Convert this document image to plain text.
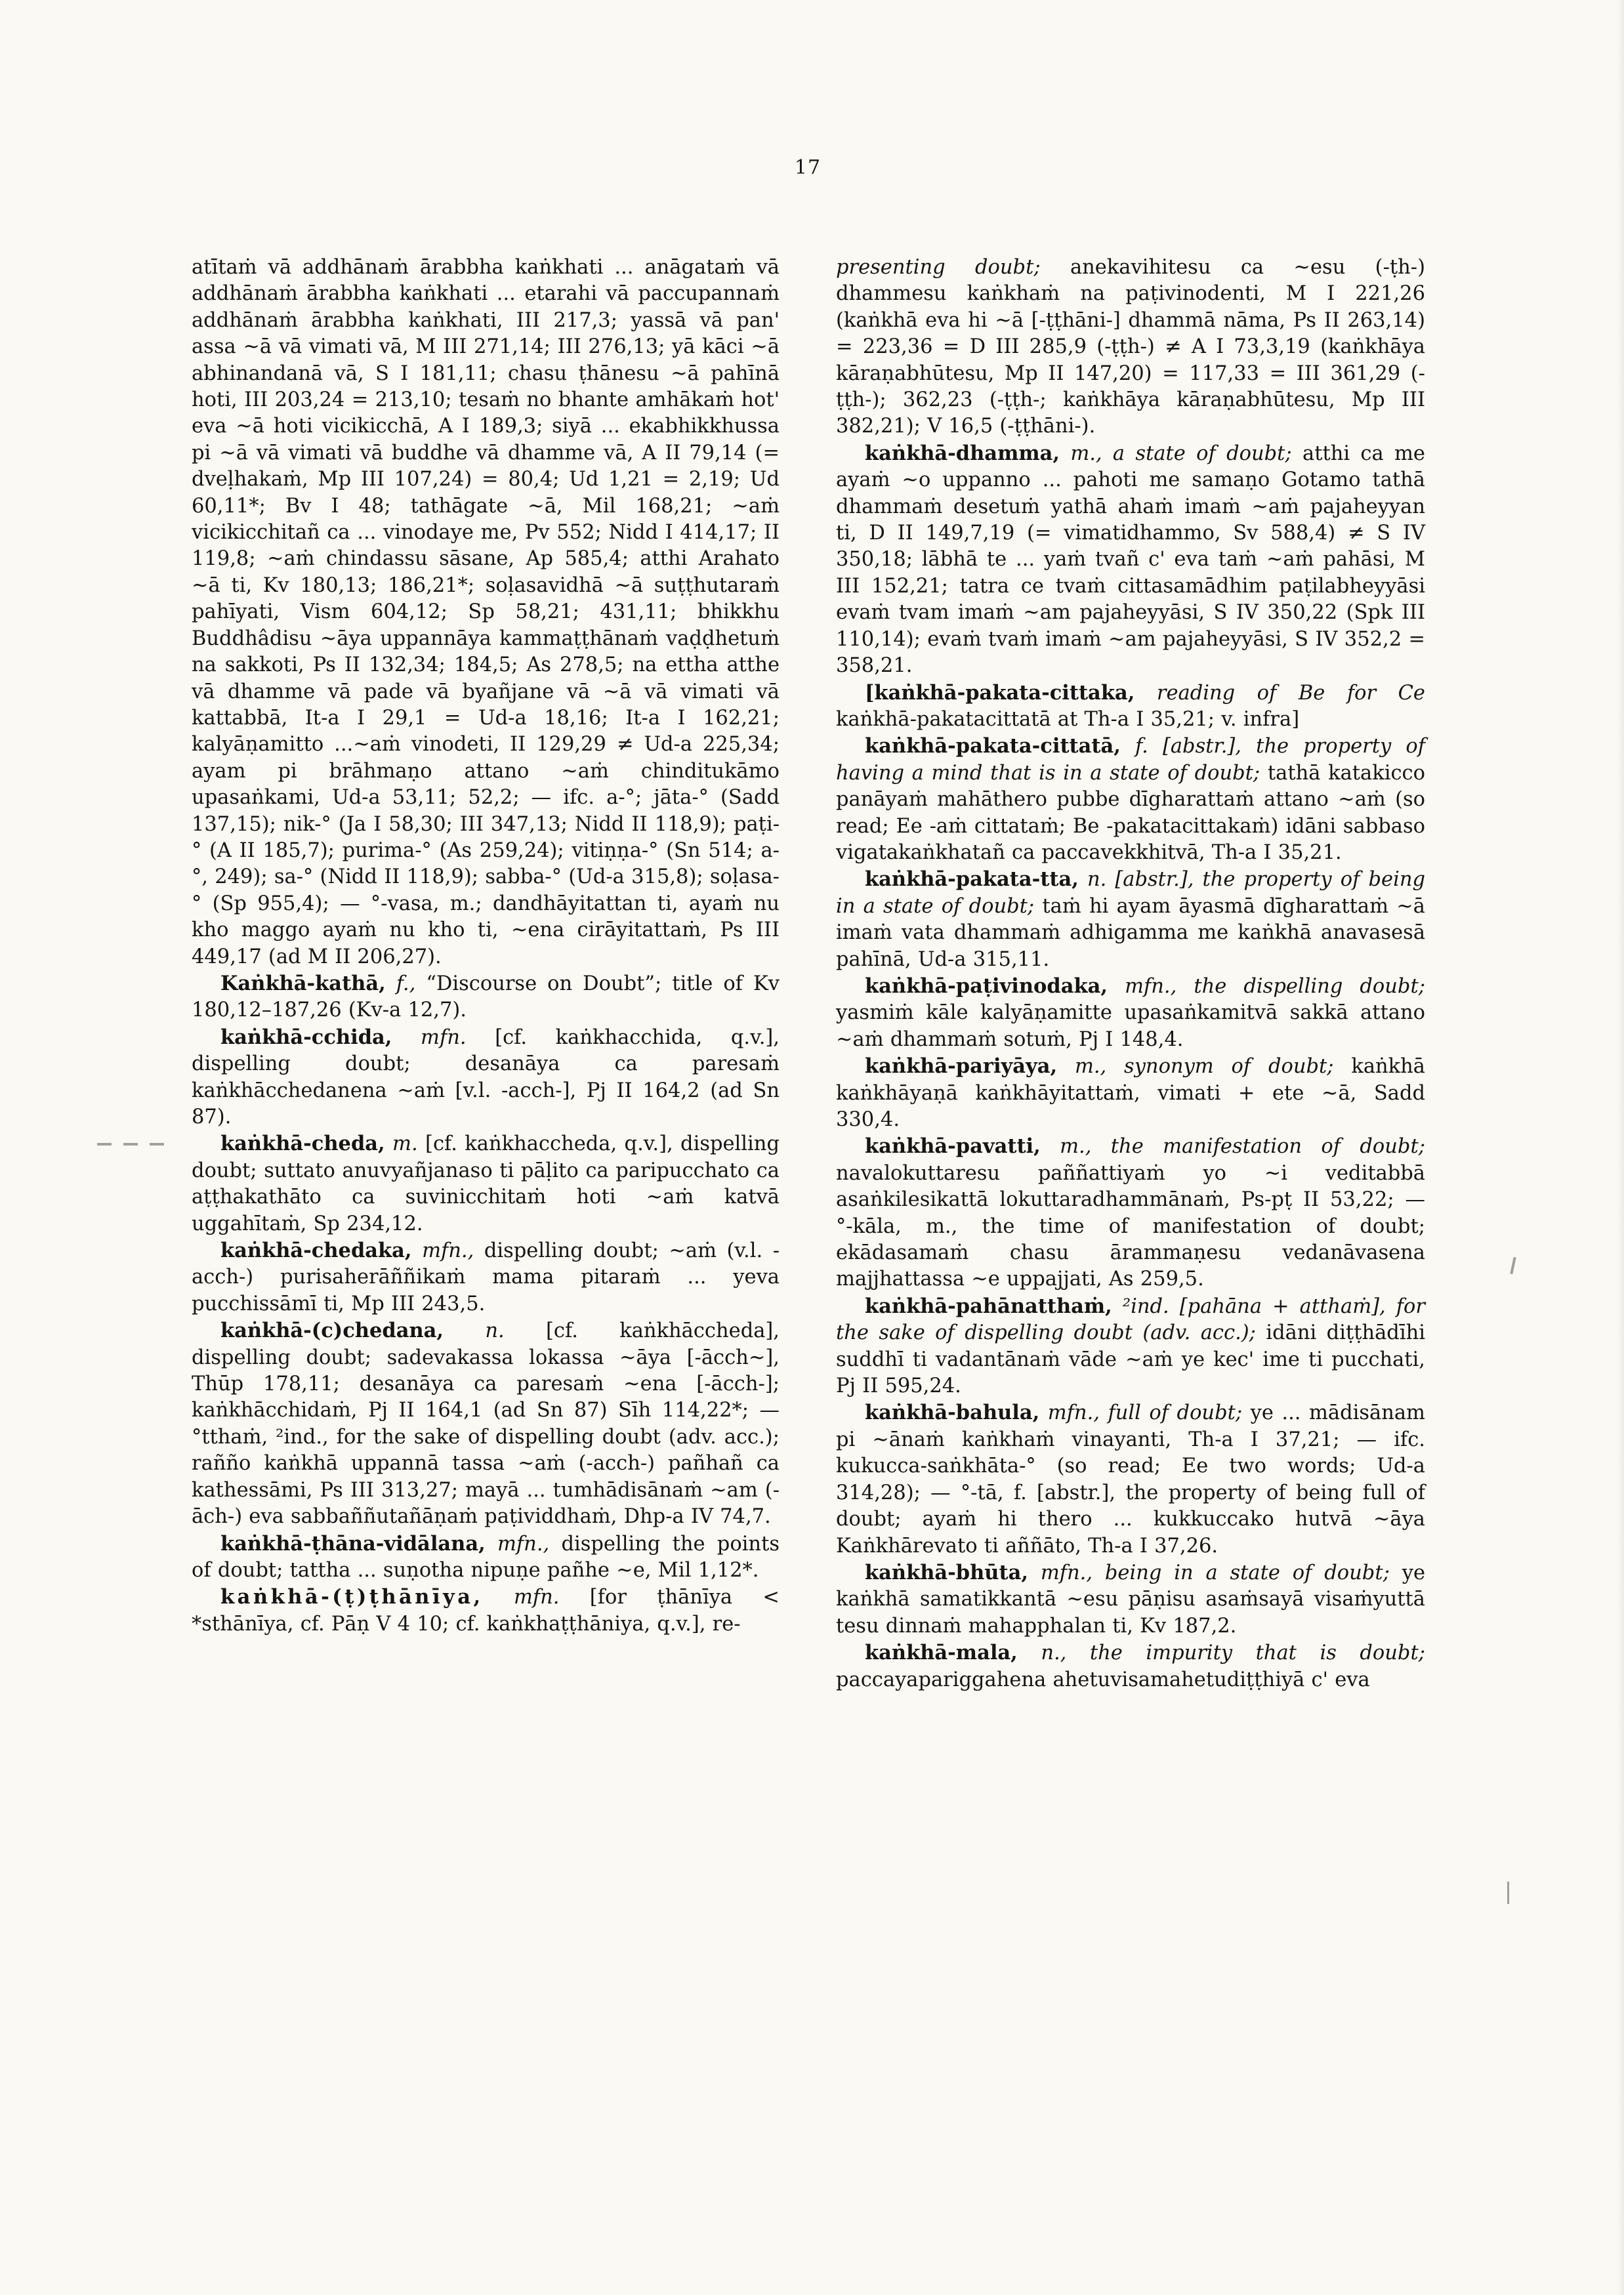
17

atītaṁ vā addhānaṁ ārabbha kaṅkhati ... anāgataṁ vā addhānaṁ ārabbha kaṅkhati ... etarahi vā paccupannaṁ addhānaṁ ārabbha kaṅkhati, III 217,3; yassā vā pan' assa ~ā vā vimati vā, M III 271,14; III 276,13; yā kāci ~ā abhinandanā vā, S I 181,11; chasu ṭhānesu ~ā pahīnā hoti, III 203,24 = 213,10; tesaṁ no bhante amhākaṁ hot' eva ~ā hoti vicikicchā, A I 189,3; siyā ... ekabhikkhussa pi ~ā vā vimati vā buddhe vā dhamme vā, A II 79,14 (= dveḷhakaṁ, Mp III 107,24) = 80,4; Ud 1,21 = 2,19; Ud 60,11*; Bv I 48; tathāgate ~ā, Mil 168,21; ~aṁ vicikicchitañ ca ... vinodaye me, Pv 552; Nidd I 414,17; II 119,8; ~aṁ chindassu sāsane, Ap 585,4; atthi Arahato ~ā ti, Kv 180,13; 186,21*; soḷasavidhā ~ā suṭṭhutaraṁ pahīyati, Vism 604,12; Sp 58,21; 431,11; bhikkhu Buddhâdisu ~āya uppannāya kammaṭṭhānaṁ vaḍḍhetuṁ na sakkoti, Ps II 132,34; 184,5; As 278,5; na ettha atthe vā dhamme vā pade vā byañjane vā ~ā vā vimati vā kattabbā, It-a I 29,1 = Ud-a 18,16; It-a I 162,21; kalyāṇamitto ...~aṁ vinodeti, II 129,29 ≠ Ud-a 225,34; ayam pi brāhmaṇo attano ~aṁ chinditukāmo upasaṅkami, Ud-a 53,11; 52,2; — ifc. a-°; jāta-° (Sadd 137,15); nik-° (Ja I 58,30; III 347,13; Nidd II 118,9); paṭi-° (A II 185,7); purima-° (As 259,24); vitiṇṇa-° (Sn 514; a-°, 249); sa-° (Nidd II 118,9); sabba-° (Ud-a 315,8); soḷasa-° (Sp 955,4); — °-vasa, m.; dandhāyitattan ti, ayaṁ nu kho maggo ayaṁ nu kho ti, ~ena cirāyitattaṁ, Ps III 449,17 (ad M II 206,27).

Kaṅkhā-kathā, f., “Discourse on Doubt”; title of Kv 180,12–187,26 (Kv-a 12,7).

kaṅkhā-cchida, mfn. [cf. kaṅkhacchida, q.v.], dispelling doubt; desanāya ca paresaṁ kaṅkhācchedanena ~aṁ [v.l. -acch-], Pj II 164,2 (ad Sn 87).

kaṅkhā-cheda, m. [cf. kaṅkhaccheda, q.v.], dispelling doubt; suttato anuvyañjanaso ti pāḷito ca paripucchato ca aṭṭhakathāto ca suvinicchitaṁ hoti ~aṁ katvā uggahītaṁ, Sp 234,12.

kaṅkhā-chedaka, mfn., dispelling doubt; ~aṁ (v.l. -acch-) purisaherāññikaṁ mama pitaraṁ ... yeva pucchissāmī ti, Mp III 243,5.

kaṅkhā-(c)chedana, n. [cf. kaṅkhāccheda], dispelling doubt; sadevakassa lokassa ~āya [-ācch~], Thūp 178,11; desanāya ca paresaṁ ~ena [-ācch-]; kaṅkhācchidaṁ, Pj II 164,1 (ad Sn 87) Sīh 114,22*; — °tthaṁ, ²ind., for the sake of dispelling doubt (adv. acc.); rañño kaṅkhā uppannā tassa ~aṁ (-acch-) pañhañ ca kathessāmi, Ps III 313,27; mayā ... tumhādisānaṁ ~am (-āch-) eva sabbaññutañāṇaṁ paṭividdhaṁ, Dhp-a IV 74,7.

kaṅkhā-ṭhāna-vidālana, mfn., dispelling the points of doubt; tattha ... suṇotha nipuṇe pañhe ~e, Mil 1,12*.

kaṅkhā-(ṭ)ṭhānīya, mfn. [for ṭhānīya < *sthānīya, cf. Pāṇ V 4 10; cf. kaṅkhaṭṭhāniya, q.v.], re-

presenting doubt; anekavihitesu ca ~esu (-ṭh-) dhammesu kaṅkhaṁ na paṭivinodenti, M I 221,26 (kaṅkhā eva hi ~ā [-ṭṭhāni-] dhammā nāma, Ps II 263,14) = 223,36 = D III 285,9 (-ṭṭh-) ≠ A I 73,3,19 (kaṅkhāya kāraṇabhūtesu, Mp II 147,20) = 117,33 = III 361,29 (-ṭṭh-); 362,23 (-ṭṭh-; kaṅkhāya kāraṇabhūtesu, Mp III 382,21); V 16,5 (-ṭṭhāni-).

kaṅkhā-dhamma, m., a state of doubt; atthi ca me ayaṁ ~o uppanno ... pahoti me samaṇo Gotamo tathā dhammaṁ desetuṁ yathā ahaṁ imaṁ ~aṁ pajaheyyan ti, D II 149,7,19 (= vimatidhammo, Sv 588,4) ≠ S IV 350,18; lābhā te ... yaṁ tvañ c' eva taṁ ~aṁ pahāsi, M III 152,21; tatra ce tvaṁ cittasamādhim paṭilabheyyāsi evaṁ tvam imaṁ ~am pajaheyyāsi, S IV 350,22 (Spk III 110,14); evaṁ tvaṁ imaṁ ~am pajaheyyāsi, S IV 352,2 = 358,21.

[kaṅkhā-pakata-cittaka, reading of Be for Ce kaṅkhā-pakatacittatā at Th-a I 35,21; v. infra]

kaṅkhā-pakata-cittatā, f. [abstr.], the property of having a mind that is in a state of doubt; tathā katakicco panāyaṁ mahāthero pubbe dīgharattaṁ attano ~aṁ (so read; Ee -aṁ cittataṁ; Be -pakatacittakaṁ) idāni sabbaso vigatakaṅkhatañ ca paccavekkhitvā, Th-a I 35,21.

kaṅkhā-pakata-tta, n. [abstr.], the property of being in a state of doubt; taṁ hi ayam āyasmā dīgharattaṁ ~ā imaṁ vata dhammaṁ adhigamma me kaṅkhā anavasesā pahīnā, Ud-a 315,11.

kaṅkhā-paṭivinodaka, mfn., the dispelling doubt; yasmiṁ kāle kalyāṇamitte upasaṅkamitvā sakkā attano ~aṁ dhammaṁ sotuṁ, Pj I 148,4.

kaṅkhā-pariyāya, m., synonym of doubt; kaṅkhā kaṅkhāyaṇā kaṅkhāyitattaṁ, vimati + ete ~ā, Sadd 330,4.

kaṅkhā-pavatti, m., the manifestation of doubt; navalokuttaresu paññattiyaṁ yo ~i veditabbā asaṅkilesikattā lokuttaradhammānaṁ, Ps-pṭ II 53,22; — °-kāla, m., the time of manifestation of doubt; ekādasamaṁ chasu ārammaṇesu vedanāvasena majjhattassa ~e uppajjati, As 259,5.

kaṅkhā-pahānatthaṁ, ²ind. [pahāna + atthaṁ], for the sake of dispelling doubt (adv. acc.); idāni diṭṭhādīhi suddhī ti vadantānaṁ vāde ~aṁ ye kec' ime ti pucchati, Pj II 595,24.

kaṅkhā-bahula, mfn., full of doubt; ye ... mādisānam pi ~ānaṁ kaṅkhaṁ vinayanti, Th-a I 37,21; — ifc. kukucca-saṅkhāta-° (so read; Ee two words; Ud-a 314,28); — °-tā, f. [abstr.], the property of being full of doubt; ayaṁ hi thero ... kukkuccako hutvā ~āya Kaṅkhārevato ti aññāto, Th-a I 37,26.

kaṅkhā-bhūta, mfn., being in a state of doubt; ye kaṅkhā samatikkantā ~esu pāṇisu asaṁsayā visaṁyuttā tesu dinnaṁ mahapphalan ti, Kv 187,2.

kaṅkhā-mala, n., the impurity that is doubt; paccayapariggahena ahetuvisamahetudiṭṭhiyā c' eva
